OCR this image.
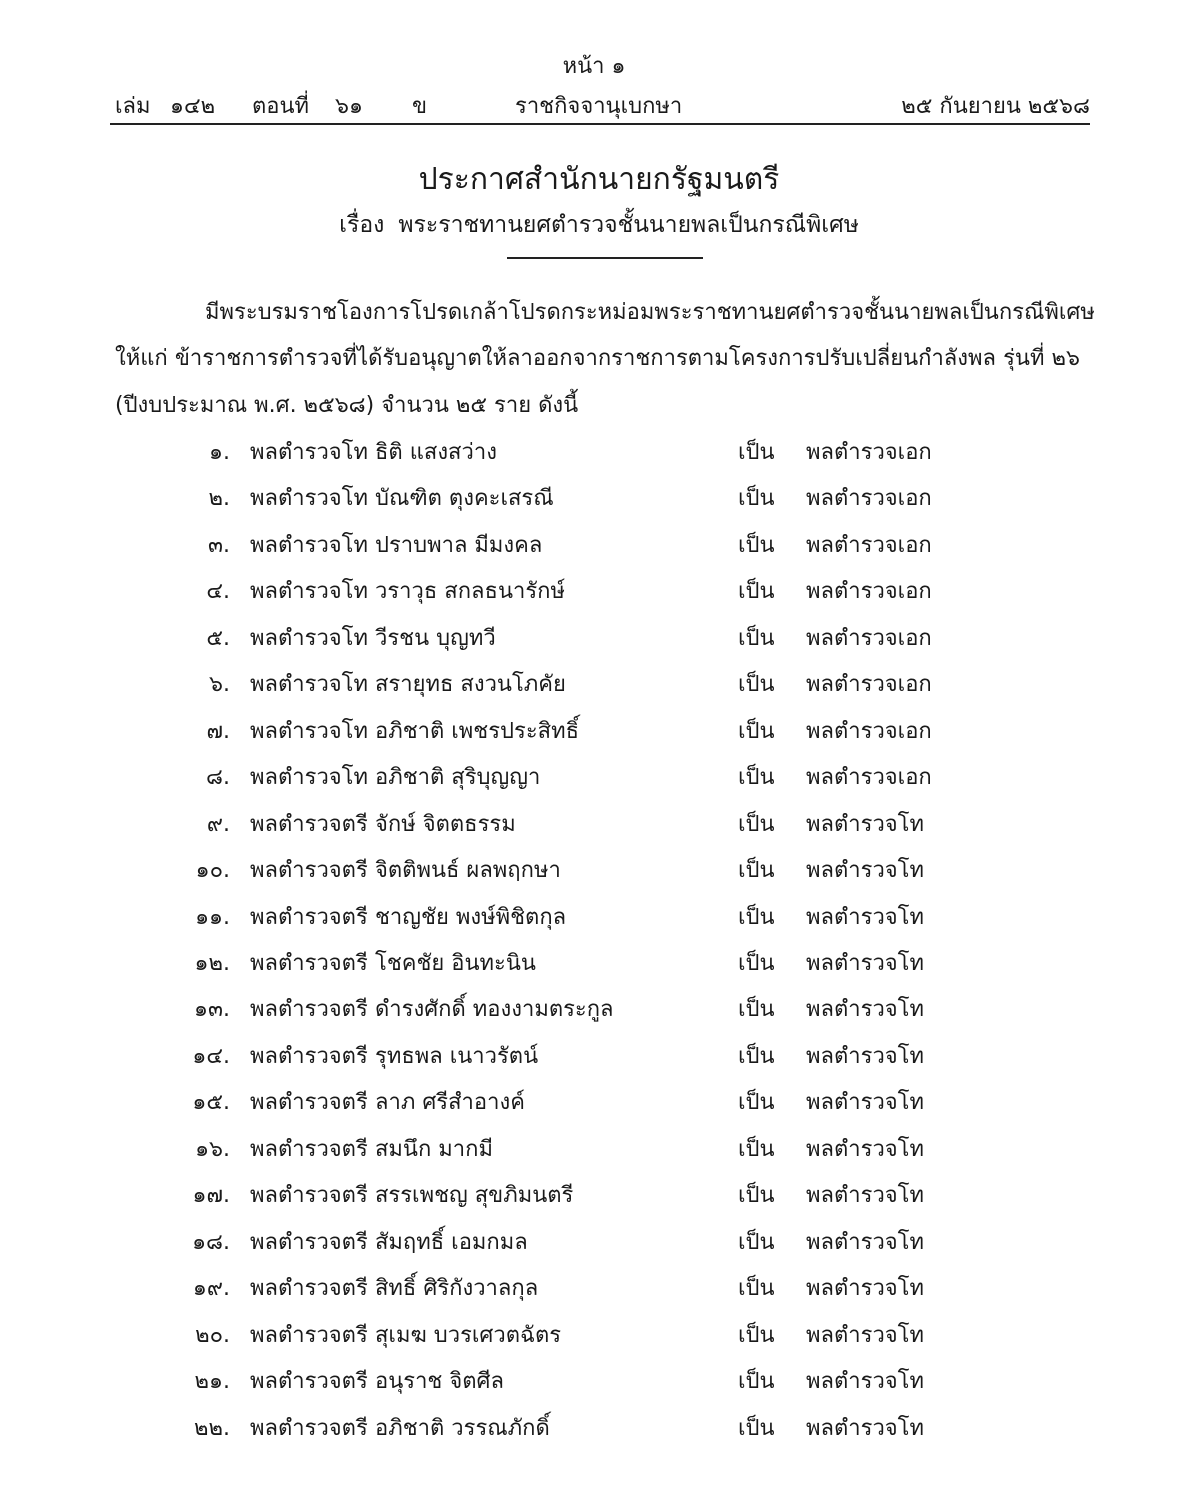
หน้า ๑
เล่ม ๑๔๒ ตอนที่ ๖๑ ข	ราชกิจจานุเบกษา	๒๕ กันยายน ๒๕๖๘
ประกาศสำนักนายกรัฐมนตรี
เรื่อง พระราชทานยศตำรวจชั้นนายพลเป็นกรณีพิเศษ
มีพระบรมราชโองการโปรดเกล้าโปรดกระหม่อมพระราชทานยศตำรวจชั้นนายพลเป็นกรณีพิเศษ
ให้แก่ ข้าราชการตำรวจที่ได้รับอนุญาตให้ลาออกจากราชการตามโครงการปรับเปลี่ยนกำลังพล รุ่นที่ ๒๖
(ปีงบประมาณ พ.ศ. ๒๕๖๘) จำนวน ๒๕ ราย ดังนี้
๑. พลตำรวจโท ธิติ แสงสว่าง	เป็น พลตำรวจเอก
๒. พลตำรวจโท บัณฑิต ตุงคะเสรณี	เป็น พลตำรวจเอก
๓. พลตำรวจโท ปราบพาล มีมงคล	เป็น พลตำรวจเอก
๔. พลตำรวจโท วราวุธ สกลธนารักษ์	เป็น พลตำรวจเอก
๕. พลตำรวจโท วีรชน บุญทวี	เป็น พลตำรวจเอก
๖. พลตำรวจโท สรายุทธ สงวนโภคัย	เป็น พลตำรวจเอก
๗. พลตำรวจโท อภิชาติ เพชรประสิทธิ์	เป็น พลตำรวจเอก
๘. พลตำรวจโท อภิชาติ สุริบุญญา	เป็น พลตำรวจเอก
๙. พลตำรวจตรี จักษ์ จิตตธรรม	เป็น พลตำรวจโท
๑๐. พลตำรวจตรี จิตติพนธ์ ผลพฤกษา	เป็น พลตำรวจโท
๑๑. พลตำรวจตรี ชาญชัย พงษ์พิชิตกุล	เป็น พลตำรวจโท
๑๒. พลตำรวจตรี โชคชัย อินทะนิน	เป็น พลตำรวจโท
๑๓. พลตำรวจตรี ดำรงศักดิ์ ทองงามตระกูล	เป็น พลตำรวจโท
๑๔. พลตำรวจตรี รุทธพล เนาวรัตน์	เป็น พลตำรวจโท
๑๕. พลตำรวจตรี ลาภ ศรีสำอางค์	เป็น พลตำรวจโท
๑๖. พลตำรวจตรี สมนึก มากมี	เป็น พลตำรวจโท
๑๗. พลตำรวจตรี สรรเพชญ สุขภิมนตรี	เป็น พลตำรวจโท
๑๘. พลตำรวจตรี สัมฤทธิ์ เอมกมล	เป็น พลตำรวจโท
๑๙. พลตำรวจตรี สิทธิ์ ศิริกังวาลกุล	เป็น พลตำรวจโท
๒๐. พลตำรวจตรี สุเมฆ บวรเศวตฉัตร	เป็น พลตำรวจโท
๒๑. พลตำรวจตรี อนุราช จิตศีล	เป็น พลตำรวจโท
๒๒. พลตำรวจตรี อภิชาติ วรรณภักดิ์	เป็น พลตำรวจโท
